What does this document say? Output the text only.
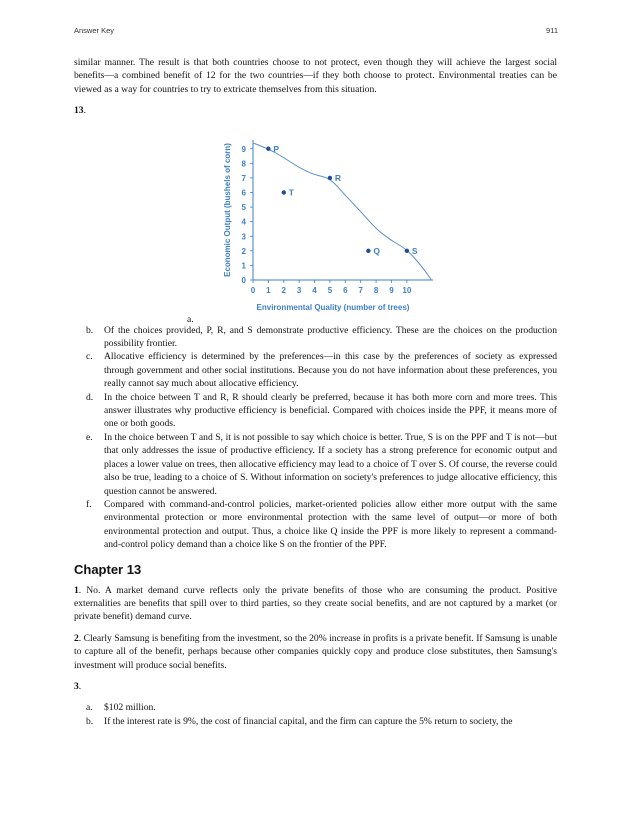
Answer Key	911

similar manner. The result is that both countries choose to not protect, even though they will achieve the largest social benefits—a combined benefit of 12 for the two countries—if they both choose to protect. Environmental treaties can be viewed as a way for countries to try to extricate themselves from this situation.

13.

0 1 2 3 4 5 6 7 8 9 10
0
1
2
3
4
5
6
7
8
9
Environmental Quality (number of trees)
Economic Output (bushels of corn)	P
T
R
Q	S
a.
b. Of the choices provided, P, R, and S demonstrate productive efficiency. These are the choices on the production possibility frontier.
c. Allocative efficiency is determined by the preferences—in this case by the preferences of society as expressed through government and other social institutions. Because you do not have information about these preferences, you really cannot say much about allocative efficiency.
d. In the choice between T and R, R should clearly be preferred, because it has both more corn and more trees. This answer illustrates why productive efficiency is beneficial. Compared with choices inside the PPF, it means more of one or both goods.
e. In the choice between T and S, it is not possible to say which choice is better. True, S is on the PPF and T is not—but that only addresses the issue of productive efficiency. If a society has a strong preference for economic output and places a lower value on trees, then allocative efficiency may lead to a choice of T over S. Of course, the reverse could also be true, leading to a choice of S. Without information on society's preferences to judge allocative efficiency, this question cannot be answered.
f. Compared with command-and-control policies, market-oriented policies allow either more output with the same environmental protection or more environmental protection with the same level of output—or more of both environmental protection and output. Thus, a choice like Q inside the PPF is more likely to represent a command-and-control policy demand than a choice like S on the frontier of the PPF.
Chapter 13

1. No. A market demand curve reflects only the private benefits of those who are consuming the product. Positive externalities are benefits that spill over to third parties, so they create social benefits, and are not captured by a market (or private benefit) demand curve.

2. Clearly Samsung is benefiting from the investment, so the 20% increase in profits is a private benefit. If Samsung is unable to capture all of the benefit, perhaps because other companies quickly copy and produce close substitutes, then Samsung's investment will produce social benefits.

3.

a. $102 million.
b. If the interest rate is 9%, the cost of financial capital, and the firm can capture the 5% return to society, the
